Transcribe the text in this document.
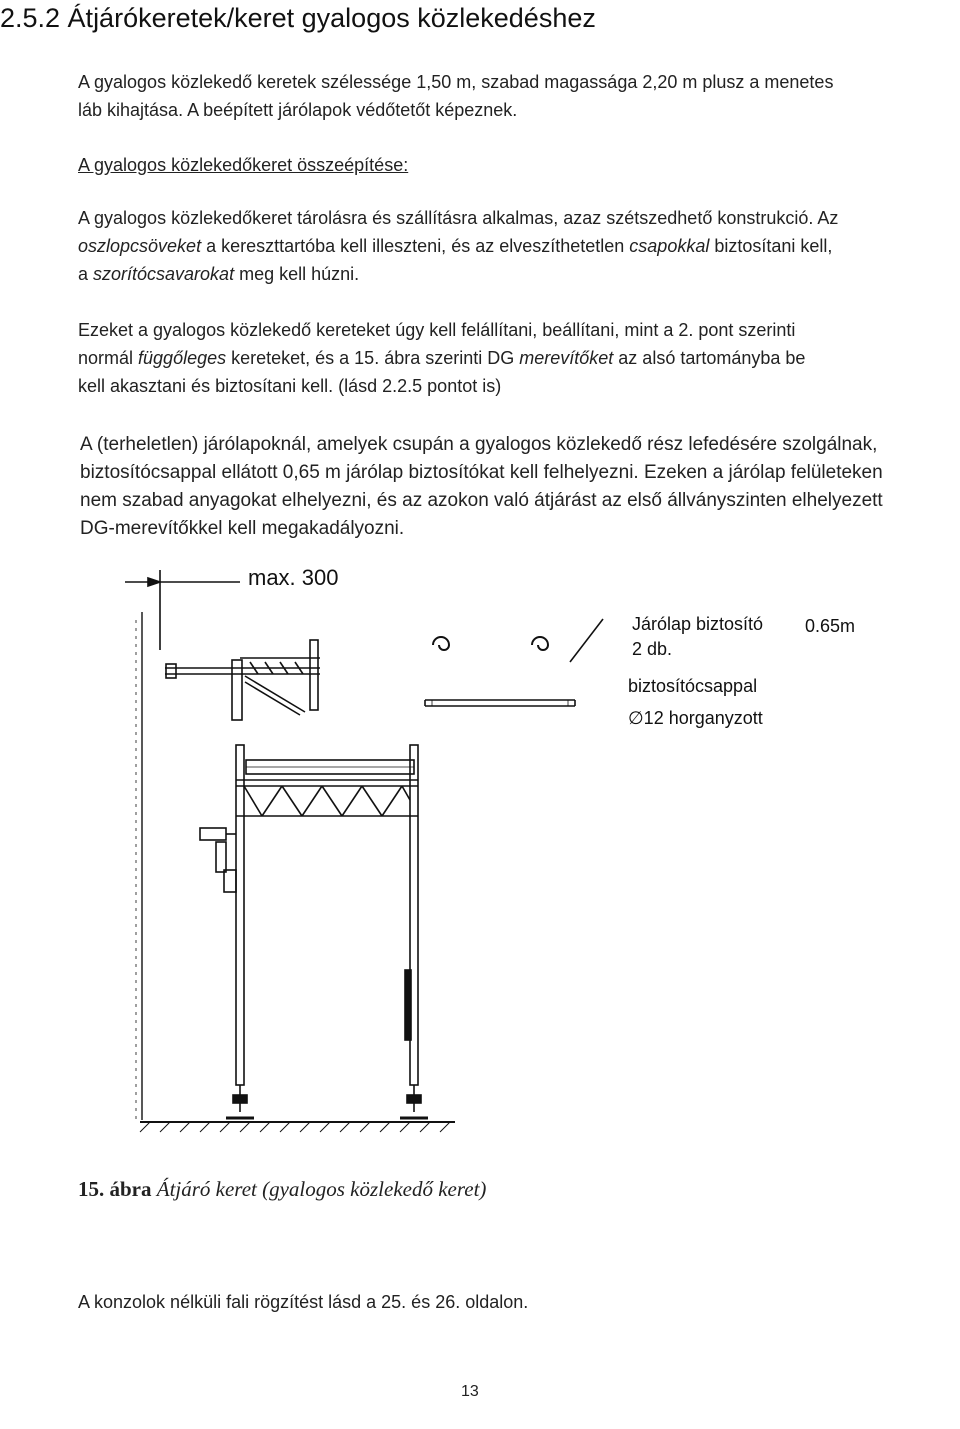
2.5.2 Átjárókeretek/keret gyalogos közlekedéshez
A gyalogos közlekedő keretek szélessége 1,50 m, szabad magassága 2,20 m plusz a menetes
láb kihajtása. A beépített járólapok védőtetőt képeznek.
A gyalogos közlekedőkeret összeépítése:
A gyalogos közlekedőkeret tárolásra és szállításra alkalmas, azaz szétszedhető konstrukció. Az
oszlopcsöveket a kereszttartóba kell illeszteni, és az elveszíthetetlen csapokkal biztosítani kell,
a szorítócsavarokat meg kell húzni.
Ezeket a gyalogos közlekedő kereteket úgy kell felállítani, beállítani, mint a 2. pont szerinti
normál függőleges kereteket, és a 15. ábra szerinti DG merevítőket az alsó tartományba be
kell akasztani és biztosítani kell. (lásd 2.2.5 pontot is)
A (terheletlen) járólapoknál, amelyek csupán a gyalogos közlekedő rész lefedésére szolgálnak,
biztosítócsappal ellátott 0,65 m járólap biztosítókat kell felhelyezni. Ezeken a járólap felületeken
nem szabad anyagokat elhelyezni, és az azokon való átjárást az első állványszinten elhelyezett
DG-merevítőkkel kell megakadályozni.
max. 300
Járólap biztosító 0.65m
2 db.
biztosítócsappal
∅12 horganyzott
15. ábra Átjáró keret (gyalogos közlekedő keret)
A konzolok nélküli fali rögzítést lásd a 25. és 26. oldalon.
13
